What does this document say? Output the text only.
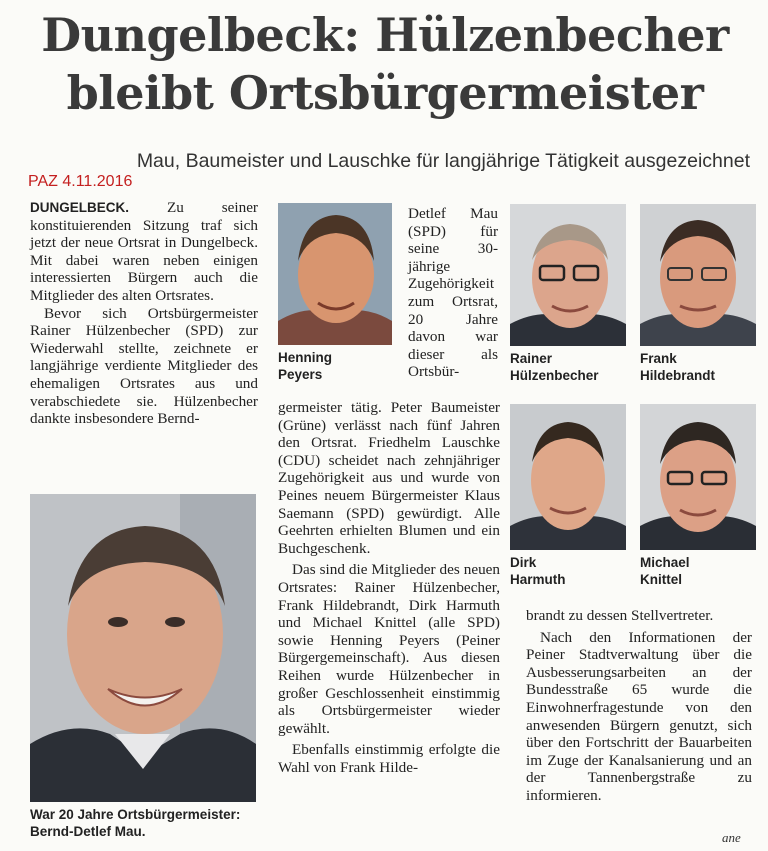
Dungelbeck: Hülzenbecher
bleibt Ortsbürgermeister
Mau, Baumeister und Lauschke für langjährige Tätigkeit ausgezeichnet
PAZ 4.11.2016

DUNGELBECK. Zu seiner konstituierenden Sitzung traf sich jetzt der neue Ortsrat in Dungelbeck. Mit dabei waren neben einigen interessierten Bürgern auch die Mitglieder des alten Ortsrates.

Bevor sich Ortsbürgermeister Rainer Hülzenbecher (SPD) zur Wiederwahl stellte, zeichnete er langjährige verdiente Mitglieder des ehemaligen Ortsrates aus und verabschiedete sie. Hülzenbecher dankte insbesondere Bernd-

War 20 Jahre Ortsbürgermeister: Bernd-Detlef Mau.
Henning
Peyers

Detlef Mau (SPD) für seine 30-jährige Zugehörigkeit zum Ortsrat, 20 Jahre davon war dieser als Ortsbür-

germeister tätig. Peter Baumeister (Grüne) verlässt nach fünf Jahren den Ortsrat. Friedhelm Lauschke (CDU) scheidet nach zehnjähriger Zugehörigkeit aus und wurde von Peines neuem Bürgermeister Klaus Saemann (SPD) gewürdigt. Alle Geehrten erhielten Blumen und ein Buchgeschenk.

Das sind die Mitglieder des neuen Ortsrates: Rainer Hülzenbecher, Frank Hildebrandt, Dirk Harmuth und Michael Knittel (alle SPD) sowie Henning Peyers (Peiner Bürgergemeinschaft). Aus diesen Reihen wurde Hülzenbecher in großer Geschlossenheit einstimmig als Ortsbürgermeister wieder gewählt.

Ebenfalls einstimmig erfolgte die Wahl von Frank Hilde-

Rainer
Hülzenbecher
Frank
Hildebrandt
Dirk
Harmuth
Michael
Knittel

brandt zu dessen Stellvertreter.

Nach den Informationen der Peiner Stadtverwaltung über die Ausbesserungsarbeiten an der Bundesstraße 65 wurde die Einwohnerfragestunde von den anwesenden Bürgern genutzt, sich über den Fortschritt der Bauarbeiten im Zuge der Kanalsanierung und an der Tannenbergstraße zu informieren.

ane
